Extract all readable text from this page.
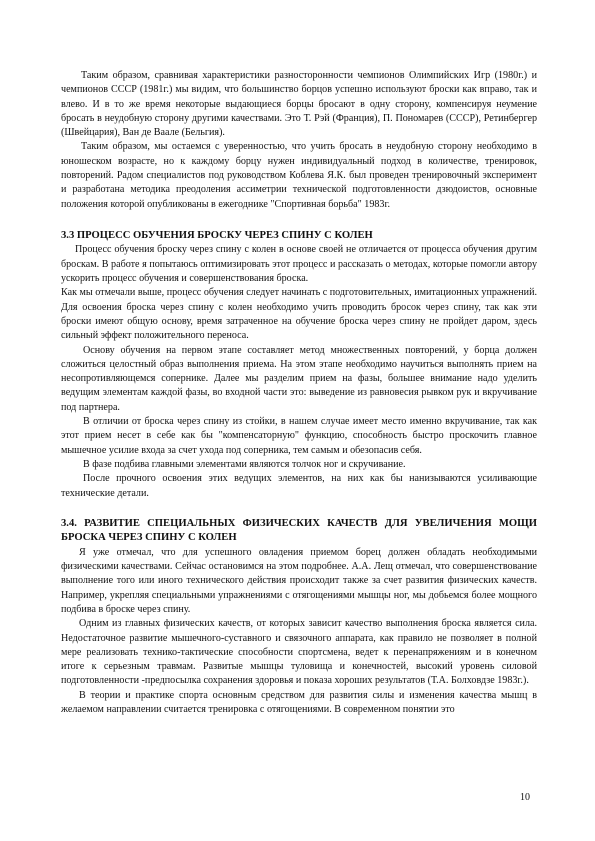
Таким образом, сравнивая характеристики разносторонности чемпионов Олимпийских Игр (1980г.) и чемпионов СССР (1981г.) мы видим, что большинство борцов успешно используют броски как вправо, так и влево. И в то же время некоторые выдающиеся борцы бросают в одну сторону, компенсируя неумение бросать в неудобную сторону другими качествами. Это Т. Рэй (Франция), П. Пономарев (СССР), Ретинбергер (Швейцария), Ван де Ваале (Бельгия).

Таким образом, мы остаемся с уверенностью, что учить бросать в неудобную сторону необходимо в юношеском возрасте, но к каждому борцу нужен индивидуальный подход в количестве, тренировок, повторений. Радом специалистов под руководством Коблева Я.К. был проведен тренировочный эксперимент и разработана методика преодоления ассиметрии технической подготовленности дзюдоистов, основные положения которой опубликованы в ежегоднике "Спортивная борьба" 1983г.

3.3 ПРОЦЕСС ОБУЧЕНИЯ БРОСКУ ЧЕРЕЗ СПИНУ С КОЛЕН

Процесс обучения броску через спину с колен в основе своей не отличается от процесса обучения другим броскам. В работе я попытаюсь оптимизировать этот процесс и рассказать о методах, которые помогли автору ускорить процесс обучения и совершенствования броска.

Как мы отмечали выше, процесс обучения следует начинать с подготовительных, имитационных упражнений. Для освоения броска через спину с колен необходимо учить проводить бросок через спину, так как эти броски имеют общую основу, время затраченное на обучение броска через спину не пройдет даром, здесь сильный эффект положительного переноса.

Основу обучения на первом этапе составляет метод множественных повторений, у борца должен сложиться целостный образ выполнения приема. На этом этапе необходимо научиться выполнять прием на несопротивляющемся сопернике. Далее мы разделим прием на фазы, большее внимание надо уделить ведущим элементам каждой фазы, во входной части это: выведение из равновесия рывком рук и вкручивание под партнера.

В отличии от броска через спину из стойки, в нашем случае имеет место именно вкручивание, так как этот прием несет в себе как бы "компенсаторную" функцию, способность быстро проскочить главное мышечное усилие входа за счет ухода под соперника, тем самым и обезопасив себя.

В фазе подбива главными элементами являются толчок ног и скручивание.

После прочного освоения этих ведущих элементов, на них как бы нанизываются усиливающие технические детали.

3.4. РАЗВИТИЕ СПЕЦИАЛЬНЫХ ФИЗИЧЕСКИХ КАЧЕСТВ ДЛЯ УВЕЛИЧЕНИЯ МОЩИ БРОСКА ЧЕРЕЗ СПИНУ С КОЛЕН

Я уже отмечал, что для успешного овладения приемом борец должен обладать необходимыми физическими качествами. Сейчас остановимся на этом подробнее. А.А. Лещ отмечал, что совершенствование выполнение того или иного технического действия происходит также за счет развития физических качеств. Например, укрепляя специальными упражнениями с отягощениями мышцы ног, мы добьемся более мощного подбива в броске через спину.

Одним из главных физических качеств, от которых зависит качество выполнения броска является сила. Недостаточное развитие мышечного-суставного и связочного аппарата, как правило не позволяет в полной мере реализовать технико-тактические способности спортсмена, ведет к перенапряжениям и в конечном итоге к серьезным травмам. Развитые мышцы туловища и конечностей, высокий уровень силовой подготовленности -предпосылка сохранения здоровья и показа хороших результатов (Т.А. Болховдзе 1983г.).

В теории и практике спорта основным средством для развития силы и изменения качества мышц в желаемом направлении считается тренировка с отягощениями. В современном понятии это

10
